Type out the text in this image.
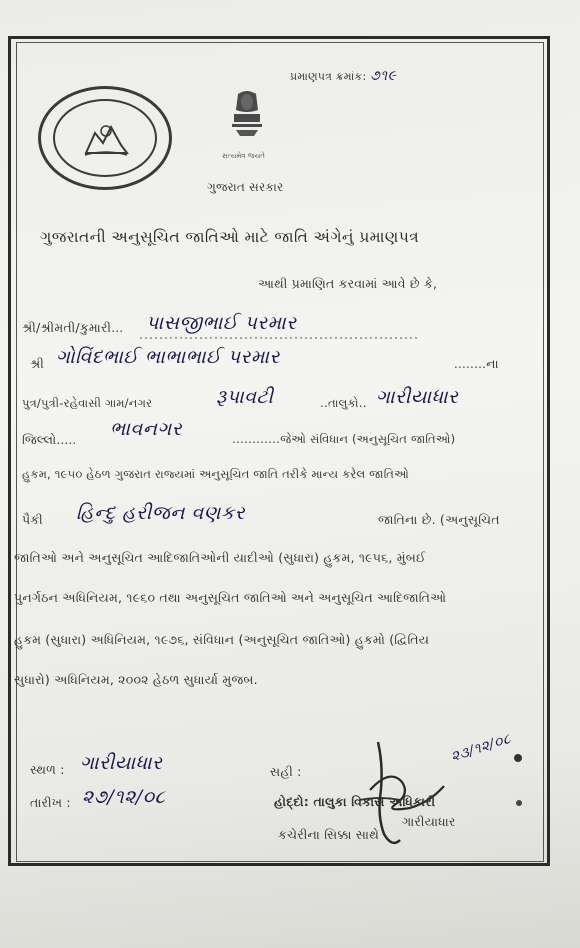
પ્રમાણપત્ર ક્રમાંક: ૭૧૯
સત્યમેવ જયતે
ગુજરાત સરકાર
ગુજરાતની અનુસૂચિત જાતિઓ માટે જાતિ અંગેનું પ્રમાણપત્ર
આથી પ્રમાણિત કરવામાં આવે છે કે,
શ્રી/શ્રીમતી/કુમારી... પાસજીભાઈ પરમાર
શ્રી ગોવિંદભાઈ ભાભાભાઈ પરમાર	........ના
પુત્ર/પુત્રી-રહેવાસી ગામ/નગર	રૂપાવટી	..તાલુકો.. ગારીયાધાર
જિલ્લો..... ભાવનગર	............જેઓ સંવિધાન (અનુસૂચિત જાતિઓ)
હુકમ, ૧૯૫૦ હેઠળ ગુજરાત રાજ્યમાં અનુસૂચિત જાતિ તરીકે માન્ય કરેલ જાતિઓ
પૈકી હિન્દુ હરીજન વણકર	જાતિના છે. (અનુસૂચિત
જાતિઓ અને અનુસૂચિત આદિજાતિઓની યાદીઓ (સુધારા) હુકમ, ૧૯૫૬, મુંબઈ
પુનર્ગઠન અધિનિયમ, ૧૯૬૦ તથા અનુસૂચિત જાતિઓ અને અનુસૂચિત આદિજાતિઓ
હુકમ (સુધારા) અધિનિયમ, ૧૯૭૬, સંવિધાન (અનુસૂચિત જાતિઓ) હુકમો (દ્વિતિય
સુધારો) અધિનિયમ, ૨૦૦૨ હેઠળ સુધાર્યા મુજબ.
સ્થળ : ગારીયાધાર
તારીખ : ૨૭/૧૨/૦૮
સહી :
૨૩/૧૨/૦૮
હોદ્દો: તાલુકા વિકાસ અધિકારી
ગારીયાધાર
કચેરીના સિક્કા સાથે
